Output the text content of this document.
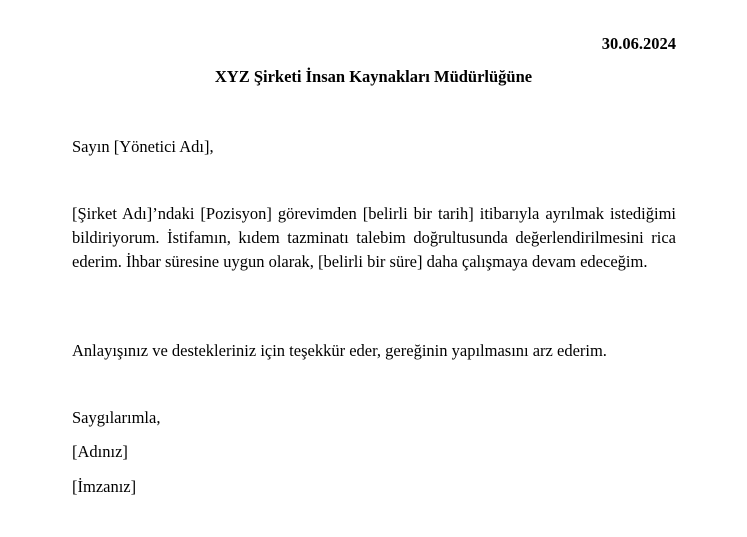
30.06.2024
XYZ Şirketi İnsan Kaynakları Müdürlüğüne
Sayın [Yönetici Adı],
[Şirket Adı]’ndaki [Pozisyon] görevimden [belirli bir tarih] itibarıyla ayrılmak istediğimi bildiriyorum. İstifamın, kıdem tazminatı talebim doğrultusunda değerlendirilmesini rica ederim. İhbar süresine uygun olarak, [belirli bir süre] daha çalışmaya devam edeceğim.
Anlayışınız ve destekleriniz için teşekkür eder, gereğinin yapılmasını arz ederim.
Saygılarımla,
[Adınız]
[İmzanız]
